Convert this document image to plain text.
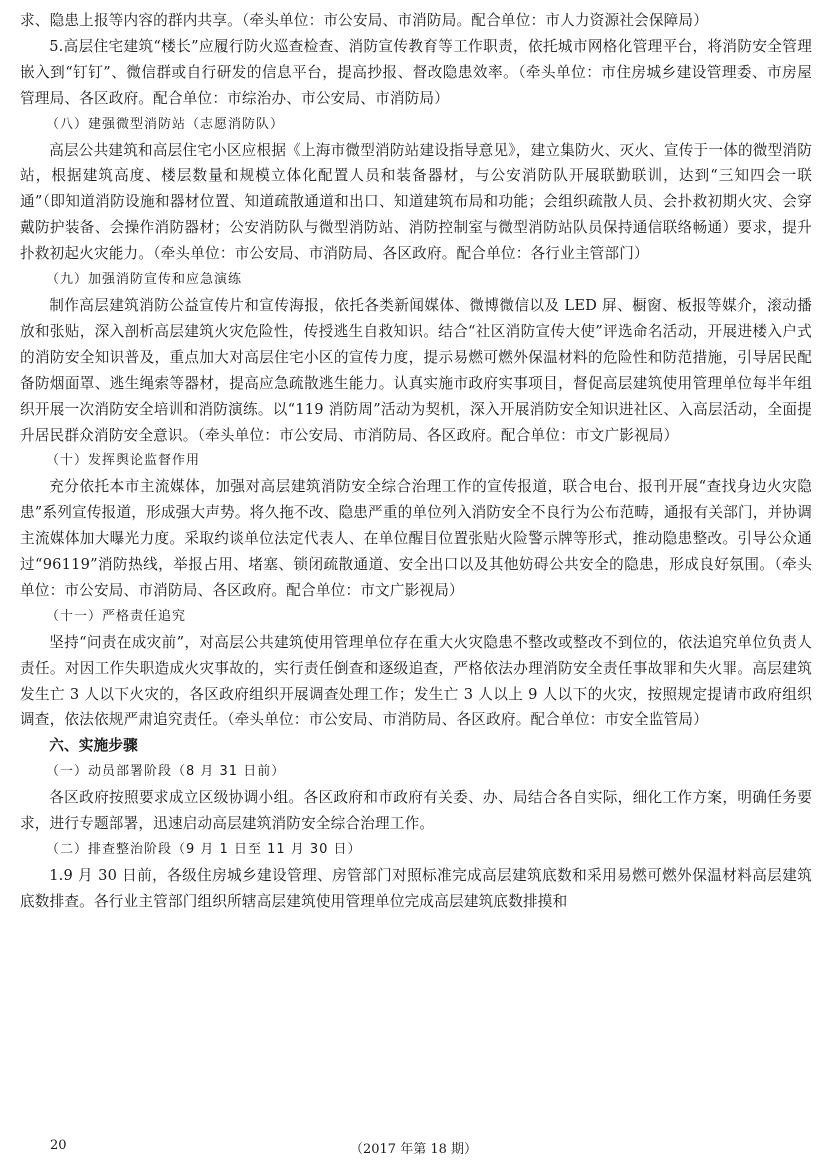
求、隐患上报等内容的群内共享。（牵头单位：市公安局、市消防局。配合单位：市人力资源社会保障局）

5.高层住宅建筑“楼长”应履行防火巡查检查、消防宣传教育等工作职责，依托城市网格化管理平台，将消防安全管理嵌入到“钉钉”、微信群或自行研发的信息平台，提高抄报、督改隐患效率。（牵头单位：市住房城乡建设管理委、市房屋管理局、各区政府。配合单位：市综治办、市公安局、市消防局）

（八）建强微型消防站（志愿消防队）

高层公共建筑和高层住宅小区应根据《上海市微型消防站建设指导意见》，建立集防火、灭火、宣传于一体的微型消防站，根据建筑高度、楼层数量和规模立体化配置人员和装备器材，与公安消防队开展联勤联训，达到“三知四会一联通”（即知道消防设施和器材位置、知道疏散通道和出口、知道建筑布局和功能；会组织疏散人员、会扑救初期火灾、会穿戴防护装备、会操作消防器材；公安消防队与微型消防站、消防控制室与微型消防站队员保持通信联络畅通）要求，提升扑救初起火灾能力。（牵头单位：市公安局、市消防局、各区政府。配合单位：各行业主管部门）

（九）加强消防宣传和应急演练

制作高层建筑消防公益宣传片和宣传海报，依托各类新闻媒体、微博微信以及 LED 屏、橱窗、板报等媒介，滚动播放和张贴，深入剖析高层建筑火灾危险性，传授逃生自救知识。结合“社区消防宣传大使”评选命名活动，开展进楼入户式的消防安全知识普及，重点加大对高层住宅小区的宣传力度，提示易燃可燃外保温材料的危险性和防范措施，引导居民配备防烟面罩、逃生绳索等器材，提高应急疏散逃生能力。认真实施市政府实事项目，督促高层建筑使用管理单位每半年组织开展一次消防安全培训和消防演练。以“119 消防周”活动为契机，深入开展消防安全知识进社区、入高层活动，全面提升居民群众消防安全意识。（牵头单位：市公安局、市消防局、各区政府。配合单位：市文广影视局）

（十）发挥舆论监督作用

充分依托本市主流媒体，加强对高层建筑消防安全综合治理工作的宣传报道，联合电台、报刊开展“查找身边火灾隐患”系列宣传报道，形成强大声势。将久拖不改、隐患严重的单位列入消防安全不良行为公布范畴，通报有关部门，并协调主流媒体加大曝光力度。采取约谈单位法定代表人、在单位醒目位置张贴火险警示牌等形式，推动隐患整改。引导公众通过“96119”消防热线，举报占用、堵塞、锁闭疏散通道、安全出口以及其他妨碍公共安全的隐患，形成良好氛围。（牵头单位：市公安局、市消防局、各区政府。配合单位：市文广影视局）

（十一）严格责任追究

坚持“问责在成灾前”，对高层公共建筑使用管理单位存在重大火灾隐患不整改或整改不到位的，依法追究单位负责人责任。对因工作失职造成火灾事故的，实行责任倒查和逐级追查，严格依法办理消防安全责任事故罪和失火罪。高层建筑发生亡 3 人以下火灾的，各区政府组织开展调查处理工作；发生亡 3 人以上 9 人以下的火灾，按照规定提请市政府组织调查，依法依规严肃追究责任。（牵头单位：市公安局、市消防局、各区政府。配合单位：市安全监管局）

六、实施步骤

（一）动员部署阶段（8 月 31 日前）

各区政府按照要求成立区级协调小组。各区政府和市政府有关委、办、局结合各自实际，细化工作方案，明确任务要求，进行专题部署，迅速启动高层建筑消防安全综合治理工作。

（二）排查整治阶段（9 月 1 日至 11 月 30 日）

1.9 月 30 日前，各级住房城乡建设管理、房管部门对照标准完成高层建筑底数和采用易燃可燃外保温材料高层建筑底数排查。各行业主管部门组织所辖高层建筑使用管理单位完成高层建筑底数排摸和

20	（2017 年第 18 期）
